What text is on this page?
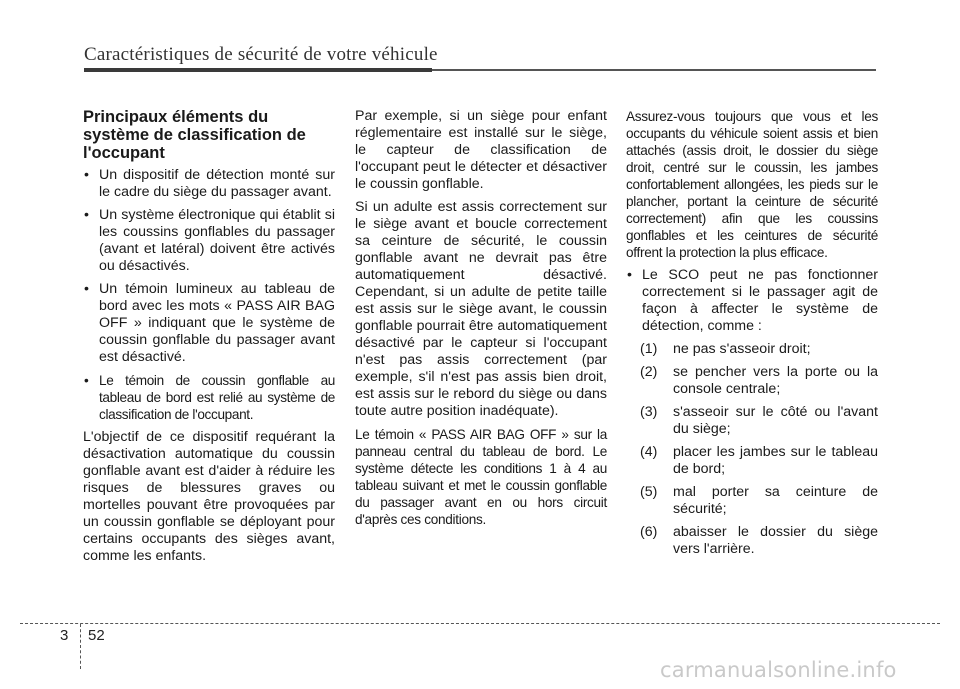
Caractéristiques de sécurité de votre véhicule
Principaux éléments du système de classification de l'occupant
• Un dispositif de détection monté sur le cadre du siège du passager avant.
• Un système électronique qui établit si les coussins gonflables du passager (avant et latéral) doivent être activés ou désactivés.
• Un témoin lumineux au tableau de bord avec les mots « PASS AIR BAG OFF » indiquant que le système de coussin gonflable du passager avant est désactivé.
• Le témoin de coussin gonflable au tableau de bord est relié au système de classification de l'occupant.

L'objectif de ce dispositif requérant la désactivation automatique du coussin gonflable avant est d'aider à réduire les risques de blessures graves ou mortelles pouvant être provoquées par un coussin gonflable se déployant pour certains occupants des sièges avant, comme les enfants.

Par exemple, si un siège pour enfant réglementaire est installé sur le siège, le capteur de classification de l'occupant peut le détecter et désactiver le coussin gonflable.

Si un adulte est assis correctement sur le siège avant et boucle correctement sa ceinture de sécurité, le coussin gonflable avant ne devrait pas être automatiquement désactivé. Cependant, si un adulte de petite taille est assis sur le siège avant, le coussin gonflable pourrait être automatiquement désactivé par le capteur si l'occupant n'est pas assis correctement (par exemple, s'il n'est pas assis bien droit, est assis sur le rebord du siège ou dans toute autre position inadéquate).

Le témoin « PASS AIR BAG OFF » sur la panneau central du tableau de bord. Le système détecte les conditions 1 à 4 au tableau suivant et met le coussin gonflable du passager avant en ou hors circuit d'après ces conditions.

Assurez-vous toujours que vous et les occupants du véhicule soient assis et bien attachés (assis droit, le dossier du siège droit, centré sur le coussin, les jambes confortablement allongées, les pieds sur le plancher, portant la ceinture de sécurité correctement) afin que les coussins gonflables et les ceintures de sécurité offrent la protection la plus efficace.

• Le SCO peut ne pas fonctionner correctement si le passager agit de façon à affecter le système de détection, comme :
(1) ne pas s'asseoir droit;
(2) se pencher vers la porte ou la console centrale;
(3) s'asseoir sur le côté ou l'avant du siège;
(4) placer les jambes sur le tableau de bord;
(5) mal porter sa ceinture de sécurité;
(6) abaisser le dossier du siège vers l'arrière.
3 52
carmanualsonline.info
